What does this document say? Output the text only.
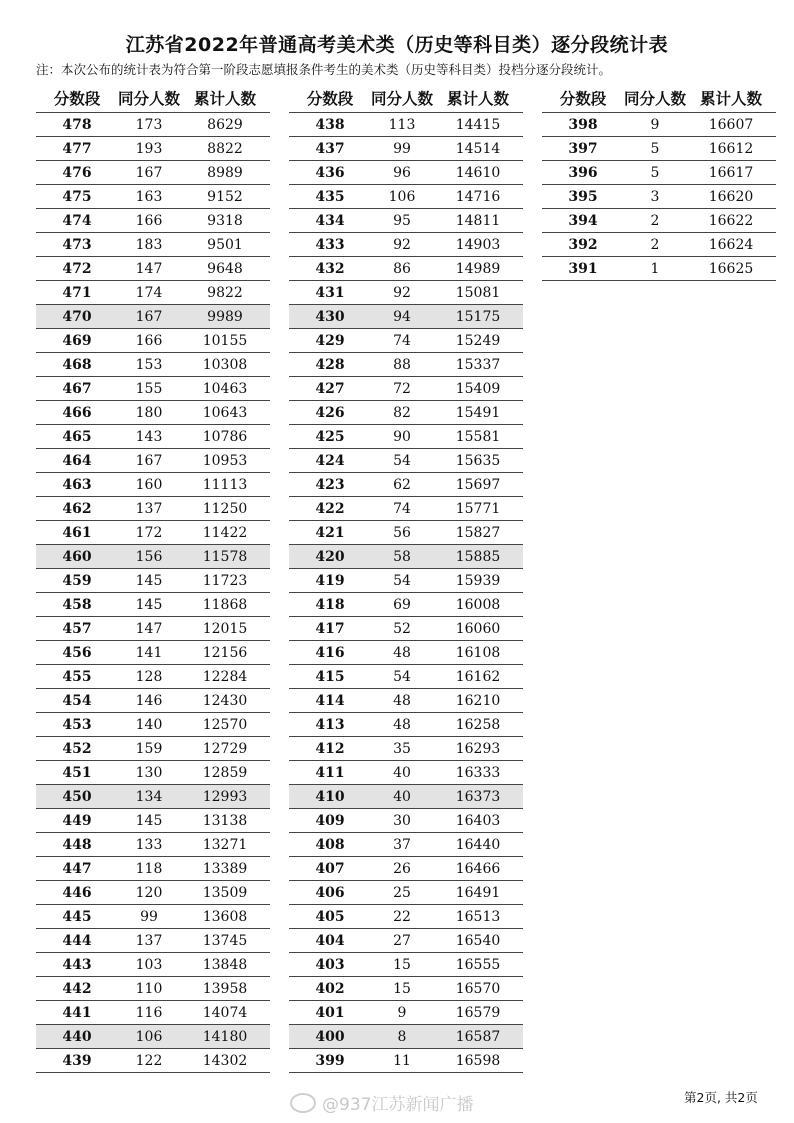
江苏省2022年普通高考美术类（历史等科目类）逐分段统计表
注：本次公布的统计表为符合第一阶段志愿填报条件考生的美术类（历史等科目类）投档分逐分段统计。
分数段	同分人数 累计人数
478	173	8629
477	193	8822
476	167	8989
475	163	9152
474	166	9318
473	183	9501
472	147	9648
471	174	9822
470	167	9989
469	166	10155
468	153	10308
467	155	10463
466	180	10643
465	143	10786
464	167	10953
463	160	11113
462	137	11250
461	172	11422
460	156	11578
459	145	11723
458	145	11868
457	147	12015
456	141	12156
455	128	12284
454	146	12430
453	140	12570
452	159	12729
451	130	12859
450	134	12993
449	145	13138
448	133	13271
447	118	13389
446	120	13509
445	99	13608
444	137	13745
443	103	13848
442	110	13958
441	116	14074
440	106	14180
439	122	14302
分数段	同分人数 累计人数
438	113	14415
437	99	14514
436	96	14610
435	106	14716
434	95	14811
433	92	14903
432	86	14989
431	92	15081
430	94	15175
429	74	15249
428	88	15337
427	72	15409
426	82	15491
425	90	15581
424	54	15635
423	62	15697
422	74	15771
421	56	15827
420	58	15885
419	54	15939
418	69	16008
417	52	16060
416	48	16108
415	54	16162
414	48	16210
413	48	16258
412	35	16293
411	40	16333
410	40	16373
409	30	16403
408	37	16440
407	26	16466
406	25	16491
405	22	16513
404	27	16540
403	15	16555
402	15	16570
401	9	16579
400	8	16587
399	11	16598
分数段	同分人数 累计人数
398	9	16607
397	5	16612
396	5	16617
395	3	16620
394	2	16622
392	2	16624
391	1	16625
@937江苏新闻广播	第2页, 共2页
